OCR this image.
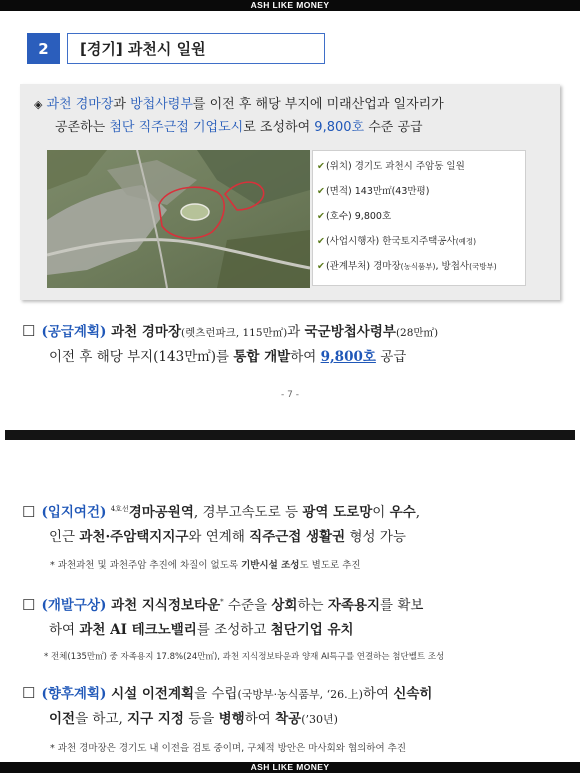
ASH LIKE MONEY
2	[경기] 과천시 일원
◈ 과천 경마장과 방첩사령부를 이전 후 해당 부지에 미래산업과 일자리가
공존하는 첨단 직주근접 기업도시로 조성하여 9,800호 수준 공급
✔(위치) 경기도 과천시 주암동 일원
✔(면적) 143만㎡(43만평)
✔(호수) 9,800호
✔(사업시행자) 한국토지주택공사(예정)
✔(관계부처) 경마장(농식품부), 방첩사(국방부)
☐ (공급계획) 과천 경마장(렛츠런파크, 115만㎡)과 국군방첩사령부(28만㎡)
이전 후 해당 부지(143만㎡)를 통합 개발하여 9,800호 공급
- 7 -
☐ (입지여건) $^{4호선}$경마공원역, 경부고속도로 등 광역 도로망이 우수,
인근 과천·주암택지지구와 연계해 직주근접 생활권 형성 가능
* 과천과천 및 과천주암 추진에 차질이 없도록 기반시설 조성도 별도로 추진
☐ (개발구상) 과천 지식정보타운* 수준을 상회하는 자족용지를 확보
하여 과천 AI 테크노밸리를 조성하고 첨단기업 유치
* 전체(135만㎡) 중 자족용지 17.8%(24만㎡), 과천 지식정보타운과 양재 AI특구를 연결하는 첨단벨트 조성
☐ (향후계획) 시설 이전계획을 수립(국방부·농식품부, ‘26.上)하여 신속히
이전을 하고, 지구 지정 등을 병행하여 착공(’30년)
* 과천 경마장은 경기도 내 이전을 검토 중이며, 구체적 방안은 마사회와 협의하여 추진
ASH LIKE MONEY
